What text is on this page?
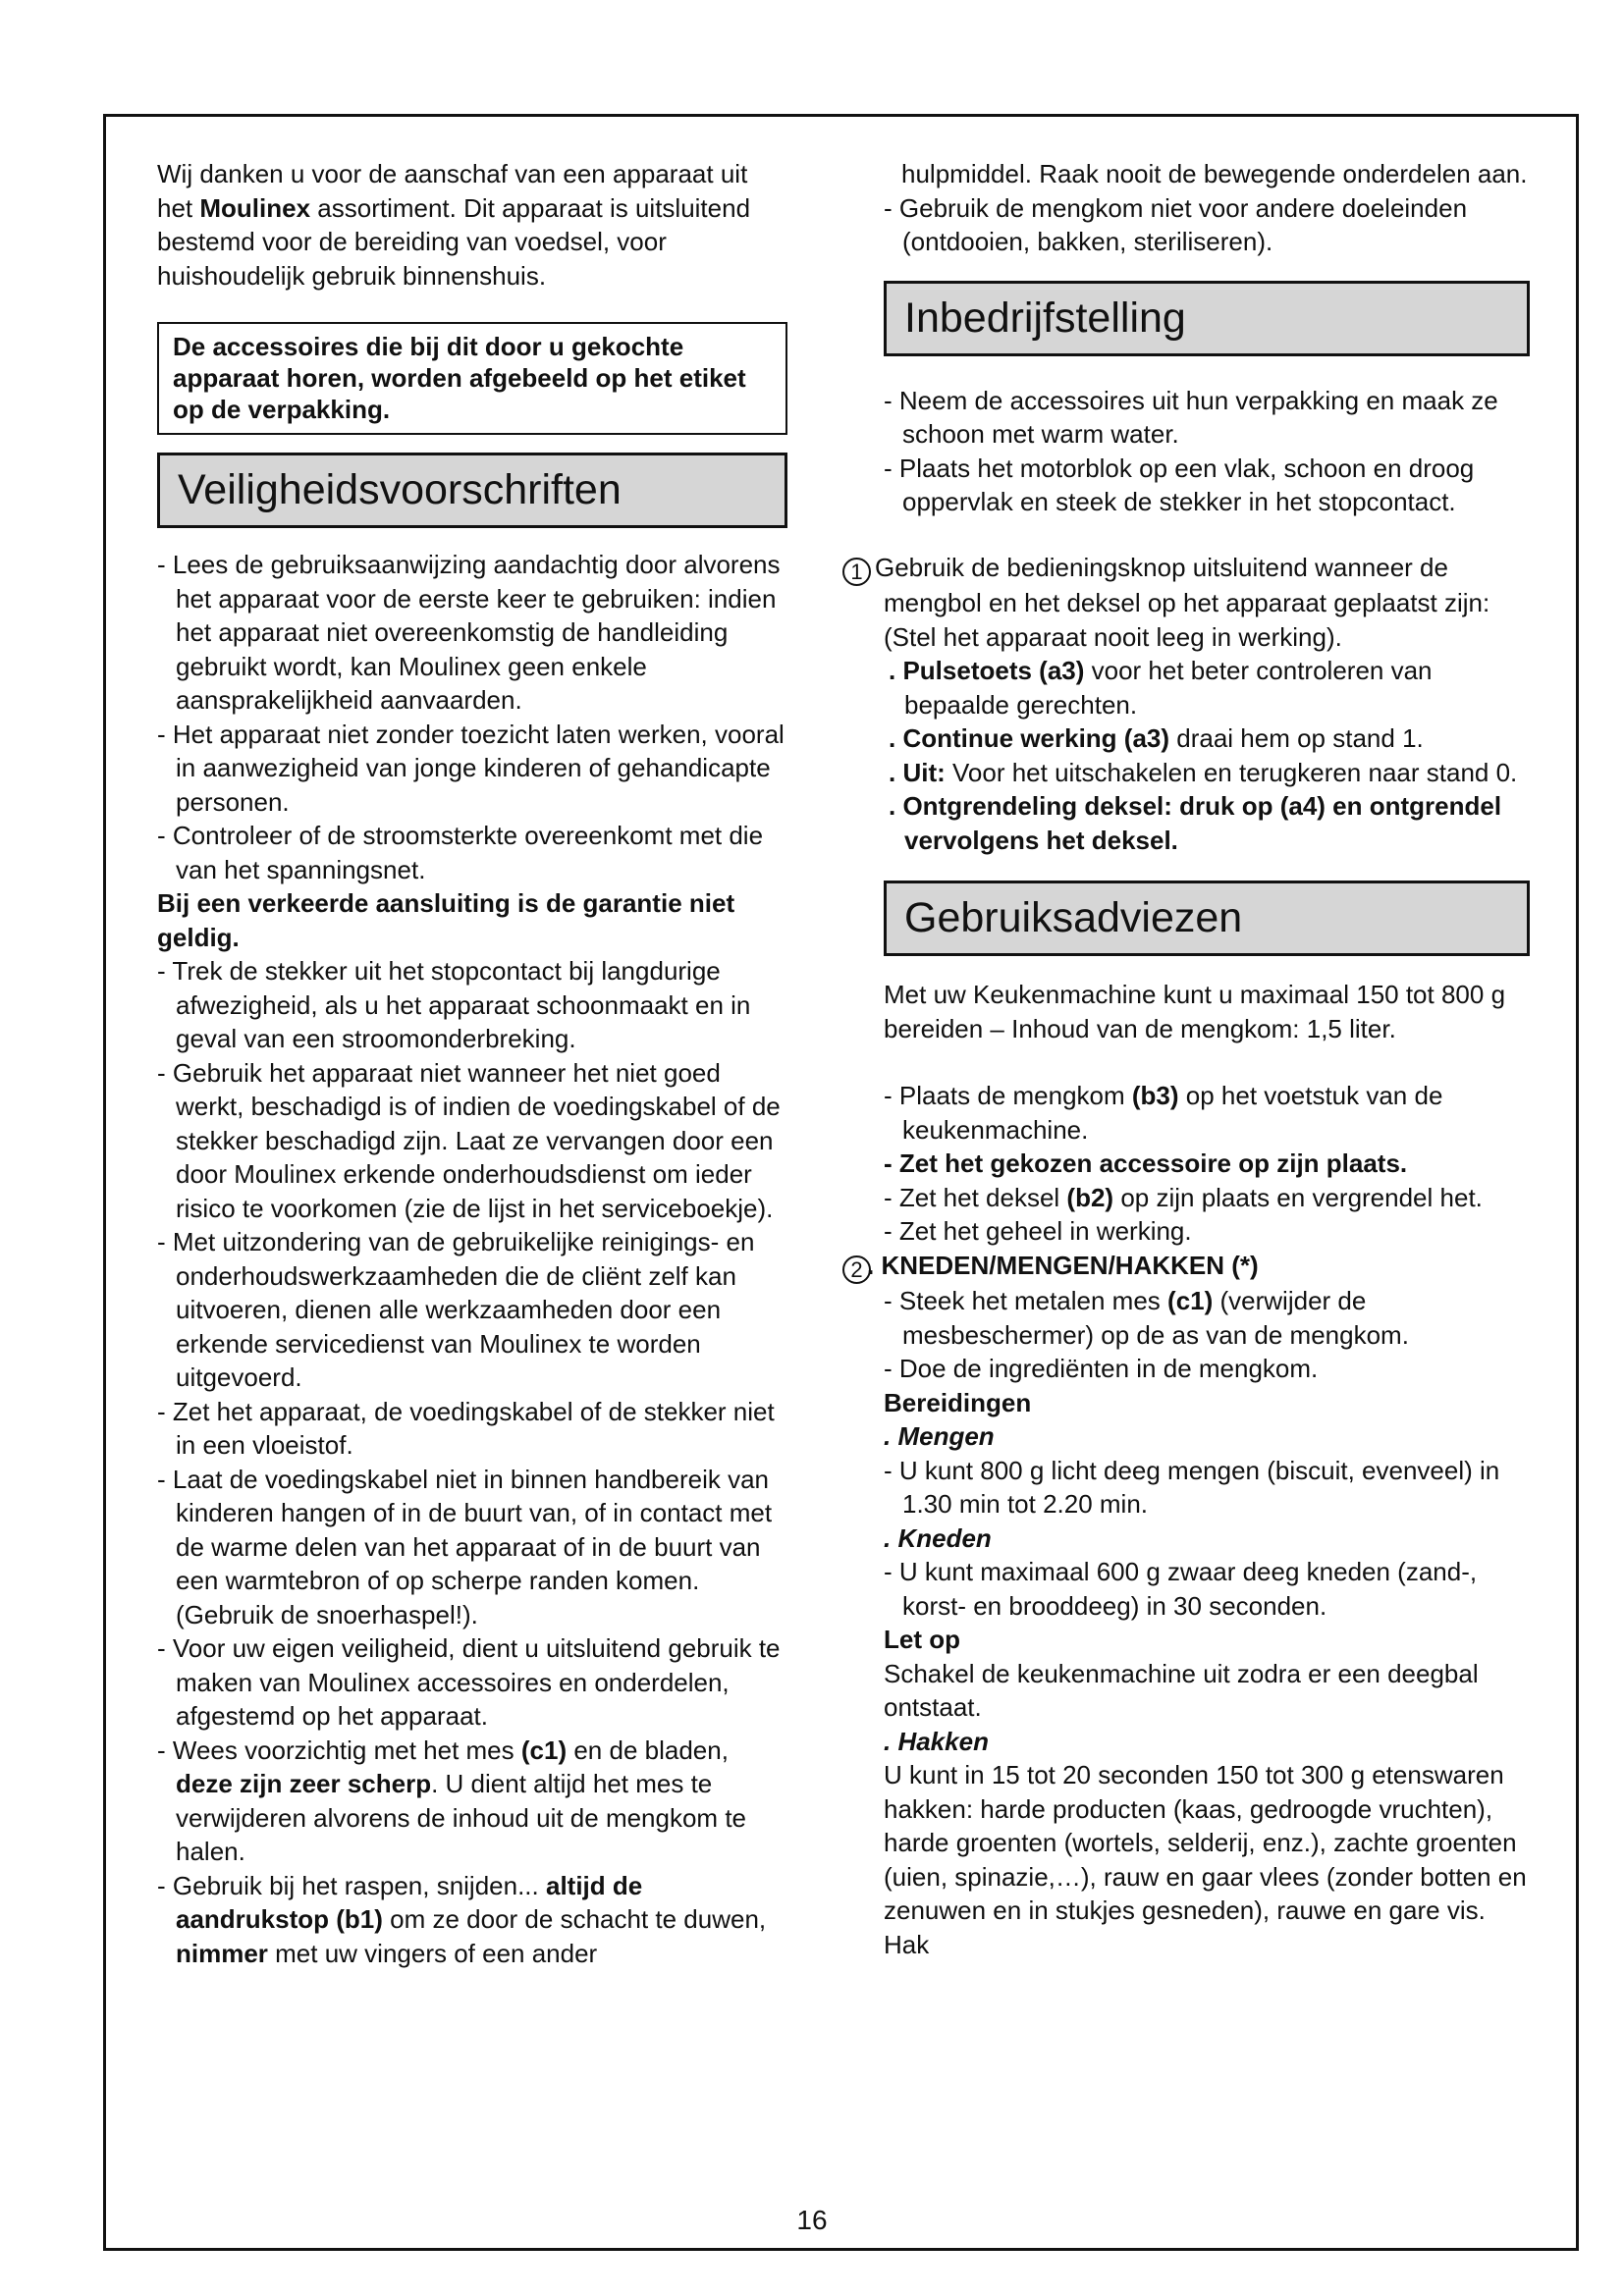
Wij danken u voor de aanschaf van een apparaat uit het Moulinex assortiment. Dit apparaat is uitsluitend bestemd voor de bereiding van voedsel, voor huishoudelijk gebruik binnenshuis.

De accessoires die bij dit door u gekochte apparaat horen, worden afgebeeld op het etiket op de verpakking.
Veiligheidsvoorschriften

- Lees de gebruiksaanwijzing aandachtig door alvorens het apparaat voor de eerste keer te gebruiken: indien het apparaat niet overeenkomstig de handleiding gebruikt wordt, kan Moulinex geen enkele aansprakelijkheid aanvaarden.

- Het apparaat niet zonder toezicht laten werken, vooral in aanwezigheid van jonge kinderen of gehandicapte personen.

- Controleer of de stroomsterkte overeenkomt met die van het spanningsnet.

Bij een verkeerde aansluiting is de garantie niet geldig.

- Trek de stekker uit het stopcontact bij langdurige afwezigheid, als u het apparaat schoonmaakt en in geval van een stroomonderbreking.

- Gebruik het apparaat niet wanneer het niet goed werkt, beschadigd is of indien de voedingskabel of de stekker beschadigd zijn. Laat ze vervangen door een door Moulinex erkende onderhoudsdienst om ieder risico te voorkomen (zie de lijst in het serviceboekje).

- Met uitzondering van de gebruikelijke reinigings- en onderhoudswerkzaamheden die de cliënt zelf kan uitvoeren, dienen alle werkzaamheden door een erkende servicedienst van Moulinex te worden uitgevoerd.

- Zet het apparaat, de voedingskabel of de stekker niet in een vloeistof.

- Laat de voedingskabel niet in binnen handbereik van kinderen hangen of in de buurt van, of in contact met de warme delen van het apparaat of in de buurt van een warmtebron of op scherpe randen komen. (Gebruik de snoerhaspel!).

- Voor uw eigen veiligheid, dient u uitsluitend gebruik te maken van Moulinex accessoires en onderdelen, afgestemd op het apparaat.

- Wees voorzichtig met het mes (c1) en de bladen, deze zijn zeer scherp. U dient altijd het mes te verwijderen alvorens de inhoud uit de mengkom te halen.

- Gebruik bij het raspen, snijden... altijd de aandrukstop (b1) om ze door de schacht te duwen, nimmer met uw vingers of een ander

hulpmiddel. Raak nooit de bewegende onderdelen aan.

- Gebruik de mengkom niet voor andere doeleinden (ontdooien, bakken, steriliseren).

Inbedrijfstelling

- Neem de accessoires uit hun verpakking en maak ze schoon met warm water.

- Plaats het motorblok op een vlak, schoon en droog oppervlak en steek de stekker in het stopcontact.

1 Gebruik de bedieningsknop uitsluitend wanneer de mengbol en het deksel op het apparaat geplaatst zijn: (Stel het apparaat nooit leeg in werking).

. Pulsetoets (a3) voor het beter controleren van bepaalde gerechten.

. Continue werking (a3) draai hem op stand 1.

. Uit: Voor het uitschakelen en terugkeren naar stand 0.

. Ontgrendeling deksel: druk op (a4) en ontgrendel vervolgens het deksel.

Gebruiksadviezen

Met uw Keukenmachine kunt u maximaal 150 tot 800 g bereiden – Inhoud van de mengkom: 1,5 liter.

- Plaats de mengkom (b3) op het voetstuk van de keukenmachine.

- Zet het gekozen accessoire op zijn plaats.

- Zet het deksel (b2) op zijn plaats en vergrendel het.

- Zet het geheel in werking.

2 . KNEDEN/MENGEN/HAKKEN (*)

- Steek het metalen mes (c1) (verwijder de mesbeschermer) op de as van de mengkom.

- Doe de ingrediënten in de mengkom.

Bereidingen

. Mengen

- U kunt 800 g licht deeg mengen (biscuit, evenveel) in 1.30 min tot 2.20 min.

. Kneden

- U kunt maximaal 600 g zwaar deeg kneden (zand-, korst- en brooddeeg) in 30 seconden.

Let op

Schakel de keukenmachine uit zodra er een deegbal ontstaat.

. Hakken

U kunt in 15 tot 20 seconden 150 tot 300 g etenswaren hakken: harde producten (kaas, gedroogde vruchten), harde groenten (wortels, selderij, enz.), zachte groenten (uien, spinazie,…), rauw en gaar vlees (zonder botten en zenuwen en in stukjes gesneden), rauwe en gare vis. Hak

16
